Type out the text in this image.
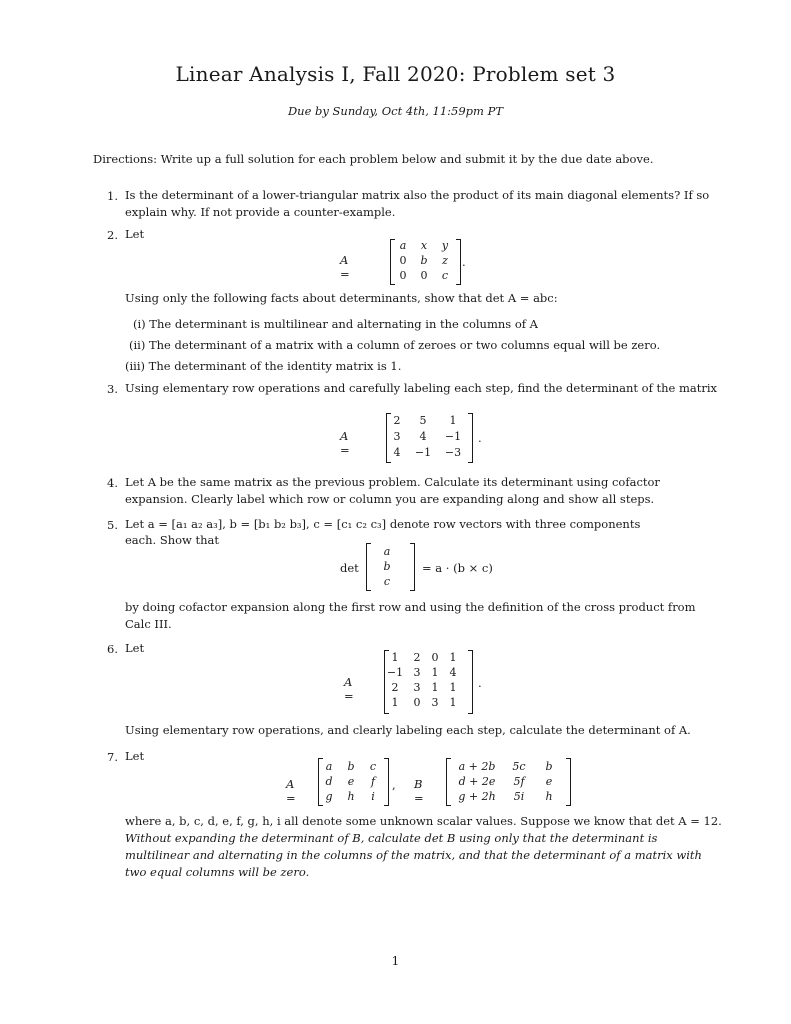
Linear Analysis I, Fall 2020: Problem set 3
Due by Sunday, Oct 4th, 11:59pm PT
Directions: Write up a full solution for each problem below and submit it by the due date above.
1. Is the determinant of a lower-triangular matrix also the product of its main diagonal elements? If so explain why. If not provide a counter-example.
2. Let
A =
a	x	y
0	b	z
0	0	c
.
Using only the following facts about determinants, show that det A = abc:
(i) The determinant is multilinear and alternating in the columns of A
(ii) The determinant of a matrix with a column of zeroes or two columns equal will be zero.
(iii) The determinant of the identity matrix is 1.
3. Using elementary row operations and carefully labeling each step, find the determinant of the matrix
A =
2	5	1
3	4	−1
4	−1 −3
.
4. Let A be the same matrix as the previous problem. Calculate its determinant using cofactor expansion. Clearly label which row or column you are expanding along and show all steps.
5. Let a = [a₁ a₂ a₃], b = [b₁ b₂ b₃], c = [c₁ c₂ c₃] denote row vectors with three components
each. Show that
det
a
b
c
= a · (b × c)
by doing cofactor expansion along the first row and using the definition of the cross product from Calc III.
6. Let
A =
1	2	0	1
−1 3	1	4
2	3	1	1
1	0	3	1
.
Using elementary row operations, and clearly labeling each step, calculate the determinant of A.
7. Let
A =
a	b	c
d	e	f
g	h	i
, B =
a + 2b	5c	b
d + 2e	5f	e
g + 2h	5i	h
where a, b, c, d, e, f, g, h, i all denote some unknown scalar values. Suppose we know that det A = 12.
Without expanding the determinant of B, calculate det B using only that the determinant is multilinear and alternating in the columns of the matrix, and that the determinant of a matrix with two equal columns will be zero.
1
